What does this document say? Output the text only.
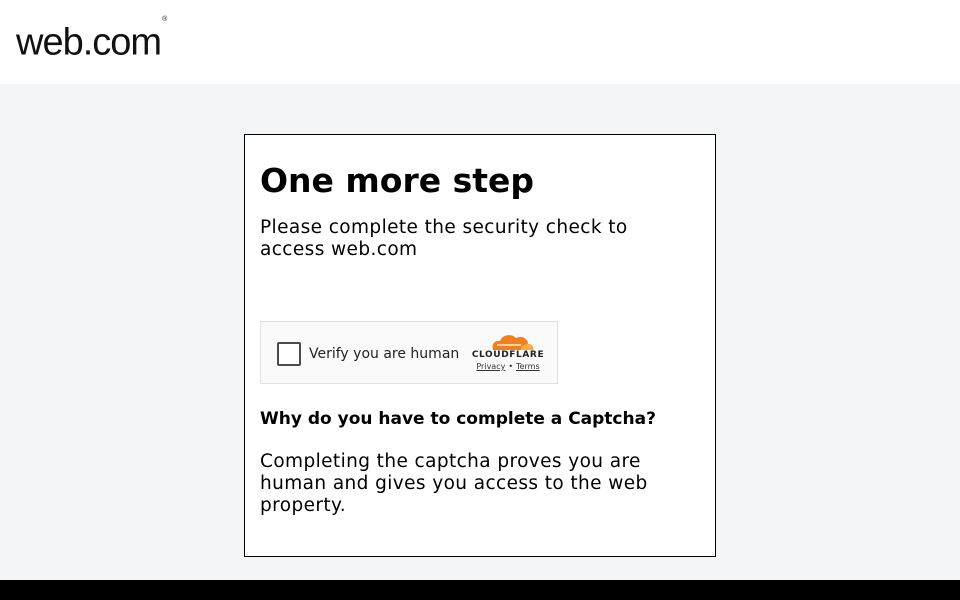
web.com®
One more step

Please complete the security check to access web.com

Verify you are human CLOUDFLARE
Privacy • Terms
Why do you have to complete a Captcha?

Completing the captcha proves you are human and gives you access to the web property.
